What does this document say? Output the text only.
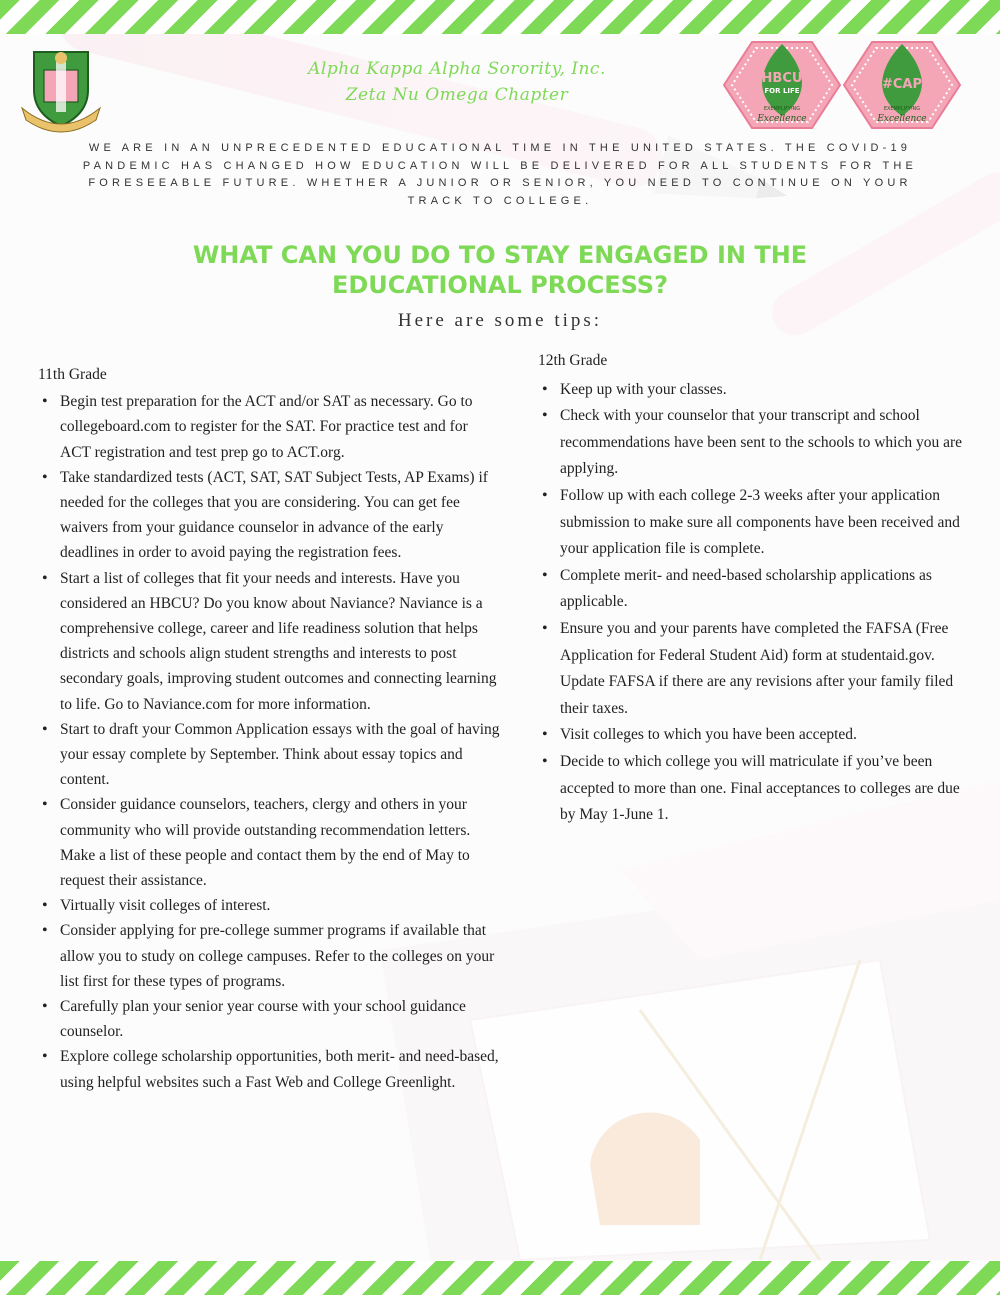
Alpha Kappa Alpha Sorority, Inc.
Zeta Nu Omega Chapter
HBCU
FOR LIFE
EXEMPLIFYING
Excellence
#CAP
EXEMPLIFYING
Excellence
WE ARE IN AN UNPRECEDENTED EDUCATIONAL TIME IN THE UNITED STATES. THE COVID-19 PANDEMIC HAS CHANGED HOW EDUCATION WILL BE DELIVERED FOR ALL STUDENTS FOR THE FORESEEABLE FUTURE. WHETHER A JUNIOR OR SENIOR, YOU NEED TO CONTINUE ON YOUR TRACK TO COLLEGE.
WHAT CAN YOU DO TO STAY ENGAGED IN THE
EDUCATIONAL PROCESS?
Here are some tips:
11th Grade
• Begin test preparation for the ACT and/or SAT as necessary. Go to collegeboard.com to register for the SAT. For practice test and for ACT registration and test prep go to ACT.org.
• Take standardized tests (ACT, SAT, SAT Subject Tests, AP Exams) if needed for the colleges that you are considering. You can get fee waivers from your guidance counselor in advance of the early deadlines in order to avoid paying the registration fees.
• Start a list of colleges that fit your needs and interests. Have you considered an HBCU? Do you know about Naviance? Naviance is a comprehensive college, career and life readiness solution that helps districts and schools align student strengths and interests to post secondary goals, improving student outcomes and connecting learning to life. Go to Naviance.com for more information.
• Start to draft your Common Application essays with the goal of having your essay complete by September. Think about essay topics and content.
• Consider guidance counselors, teachers, clergy and others in your community who will provide outstanding recommendation letters. Make a list of these people and contact them by the end of May to request their assistance.
• Virtually visit colleges of interest.
• Consider applying for pre-college summer programs if available that allow you to study on college campuses. Refer to the colleges on your list first for these types of programs.
• Carefully plan your senior year course with your school guidance counselor.
• Explore college scholarship opportunities, both merit- and need-based, using helpful websites such a Fast Web and College Greenlight.
12th Grade
• Keep up with your classes.
• Check with your counselor that your transcript and school recommendations have been sent to the schools to which you are applying.
• Follow up with each college 2-3 weeks after your application submission to make sure all components have been received and your application file is complete.
• Complete merit- and need-based scholarship applications as applicable.
• Ensure you and your parents have completed the FAFSA (Free Application for Federal Student Aid) form at studentaid.gov. Update FAFSA if there are any revisions after your family filed their taxes.
• Visit colleges to which you have been accepted.
• Decide to which college you will matriculate if you’ve been accepted to more than one. Final acceptances to colleges are due by May 1-June 1.
